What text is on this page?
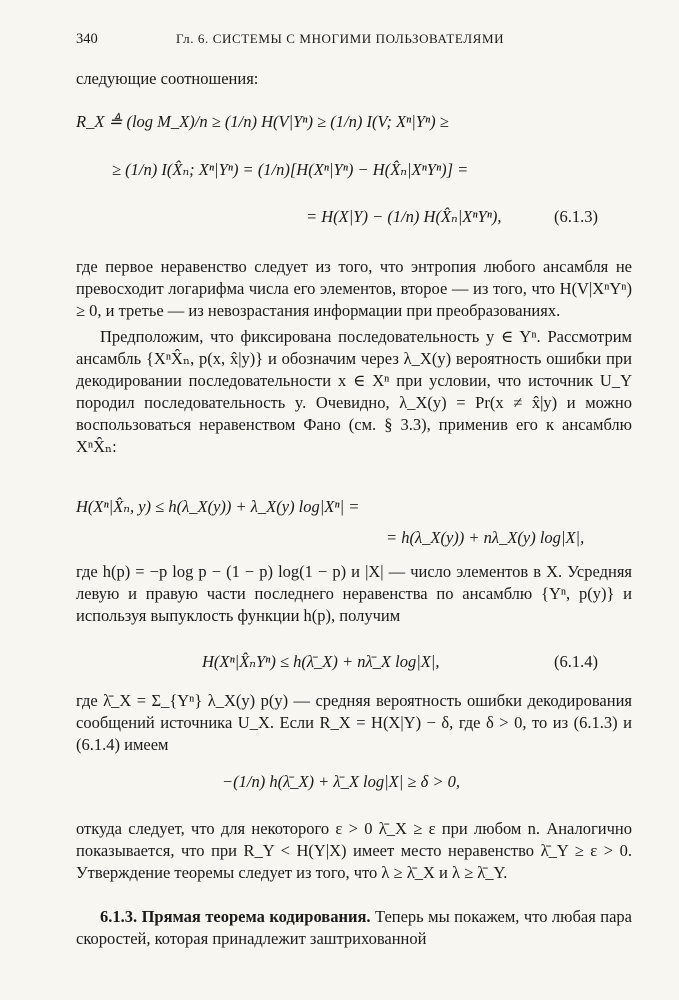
340	Гл. 6. СИСТЕМЫ С МНОГИМИ ПОЛЬЗОВАТЕЛЯМИ
следующие соотношения:
R_X ≜ (log M_X)/n ≥ (1/n) H(V|Yⁿ) ≥ (1/n) I(V; Xⁿ|Yⁿ) ≥
≥ (1/n) I(X̂ₙ; Xⁿ|Yⁿ) = (1/n)[H(Xⁿ|Yⁿ) − H(X̂ₙ|XⁿYⁿ)] =
= H(X|Y) − (1/n) H(X̂ₙ|XⁿYⁿ),	(6.1.3)
где первое неравенство следует из того, что энтропия любого ансамбля не превосходит логарифма числа его элементов, второе — из того, что H(V|XⁿYⁿ) ≥ 0, и третье — из невозрастания информации при преобразованиях.
Предположим, что фиксирована последовательность y ∈ Yⁿ. Рассмотрим ансамбль {XⁿX̂ₙ, p(x, x̂|y)} и обозначим через λ_X(y) вероятность ошибки при декодировании последовательности x ∈ Xⁿ при условии, что источник U_Y породил последовательность y. Очевидно, λ_X(y) = Pr(x ≠ x̂|y) и можно воспользоваться неравенством Фано (см. § 3.3), применив его к ансамблю XⁿX̂ₙ:
H(Xⁿ|X̂ₙ, y) ≤ h(λ_X(y)) + λ_X(y) log|Xⁿ| =
= h(λ_X(y)) + nλ_X(y) log|X|,
где h(p) = −p log p − (1 − p) log(1 − p) и |X| — число элементов в X. Усредняя левую и правую части последнего неравенства по ансамблю {Yⁿ, p(y)} и используя выпуклость функции h(p), получим
H(Xⁿ|X̂ₙYⁿ) ≤ h(λ̄_X) + nλ̄_X log|X|,	(6.1.4)
где λ̄_X = Σ_{Yⁿ} λ_X(y) p(y) — средняя вероятность ошибки декодирования сообщений источника U_X. Если R_X = H(X|Y) − δ, где δ > 0, то из (6.1.3) и (6.1.4) имеем
−(1/n) h(λ̄_X) + λ̄_X log|X| ≥ δ > 0,
откуда следует, что для некоторого ε > 0 λ̄_X ≥ ε при любом n. Аналогично показывается, что при R_Y < H(Y|X) имеет место неравенство λ̄_Y ≥ ε > 0. Утверждение теоремы следует из того, что λ ≥ λ̄_X и λ ≥ λ̄_Y.
6.1.3. Прямая теорема кодирования. Теперь мы покажем, что любая пара скоростей, которая принадлежит заштрихованной
